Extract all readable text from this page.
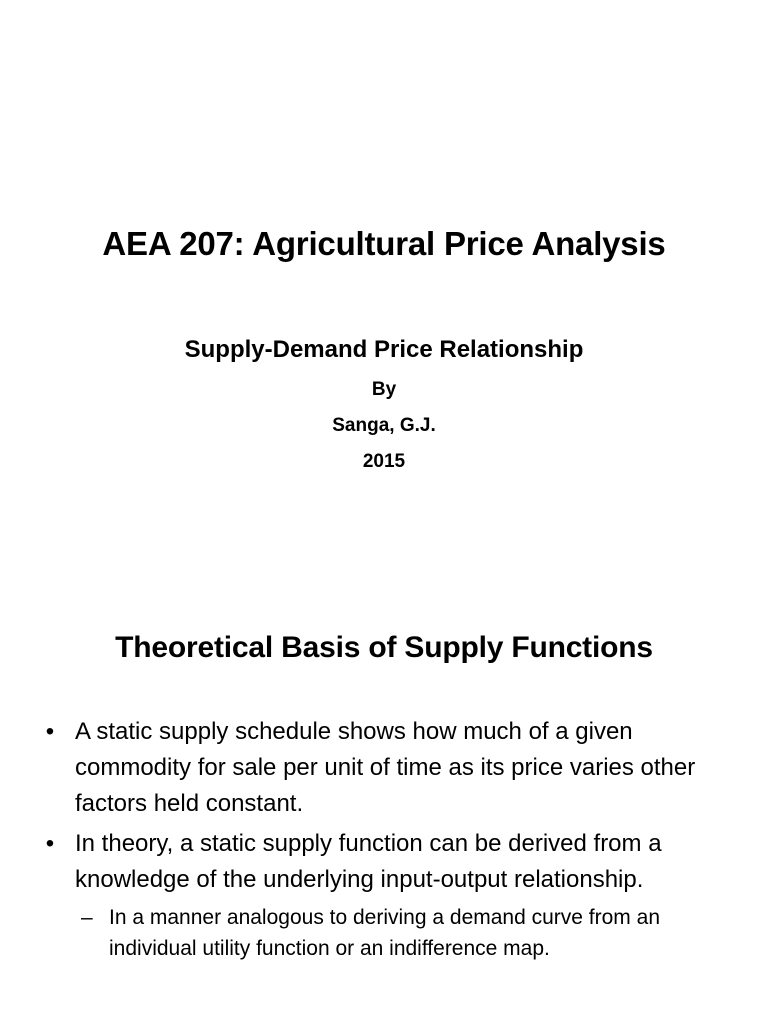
AEA 207: Agricultural Price Analysis
Supply-Demand Price Relationship
By
Sanga, G.J.
2015
Theoretical Basis of Supply Functions
• A static supply schedule shows how much of a given commodity for sale per unit of time as its price varies other factors held constant.
• In theory, a static supply function can be derived from a knowledge of the underlying input-output relationship.
– In a manner analogous to deriving a demand curve from an individual utility function or an indifference map.
